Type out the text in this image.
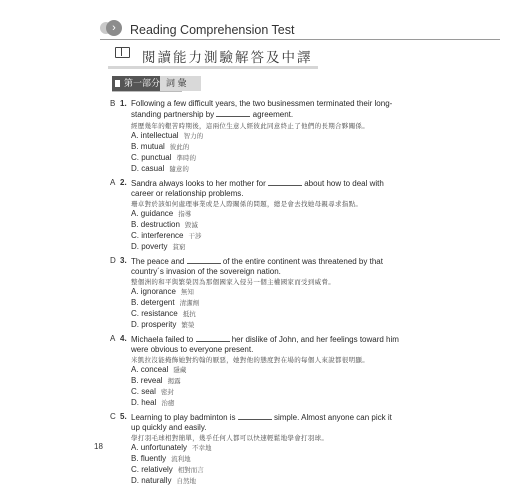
›	Reading Comprehension Test
閱讀能力測驗解答及中譯
第一部分 詞 彙
B 1. Following a few difficult years, the two businessmen terminated their long-standing partnership by	agreement.
經歷幾年的艱苦時期後，這兩位生意人經彼此同意終止了他們的長期合夥關係。
A. intellectual 智力的
B. mutual 彼此的
C. punctual 準時的
D. casual 隨意的
A 2. Sandra always looks to her mother for	about how to deal with career or relationship problems.
珊卓對於該如何處理事業或是人際關係的問題，總是會去找她母親尋求指點。
A. guidance 指導
B. destruction 毀滅
C. interference 干涉
D. poverty 貧窮
D 3. The peace and	of the entire continent was threatened by that country´s invasion of the sovereign nation.
整個洲的和平與繁榮因為那個國家入侵另一個主權國家而受到威脅。
A. ignorance 無知
B. detergent 清潔劑
C. resistance 抵抗
D. prosperity 繁榮
A 4. Michaela failed to	her dislike of John, and her feelings toward him were obvious to everyone present.
米凱拉沒能掩飾她對約翰的厭惡，她對他的態度對在場的每個人來說都很明顯。
A. conceal 隱藏
B. reveal 揭露
C. seal 密封
D. heal 治癒
C 5. Learning to play badminton is	simple. Almost anyone can pick it up quickly and easily.
學打羽毛球相對簡單，幾乎任何人都可以快速輕鬆地學會打羽球。
A. unfortunately 不幸地
B. fluently 流利地
C. relatively 相對而言
D. naturally 自然地
18
